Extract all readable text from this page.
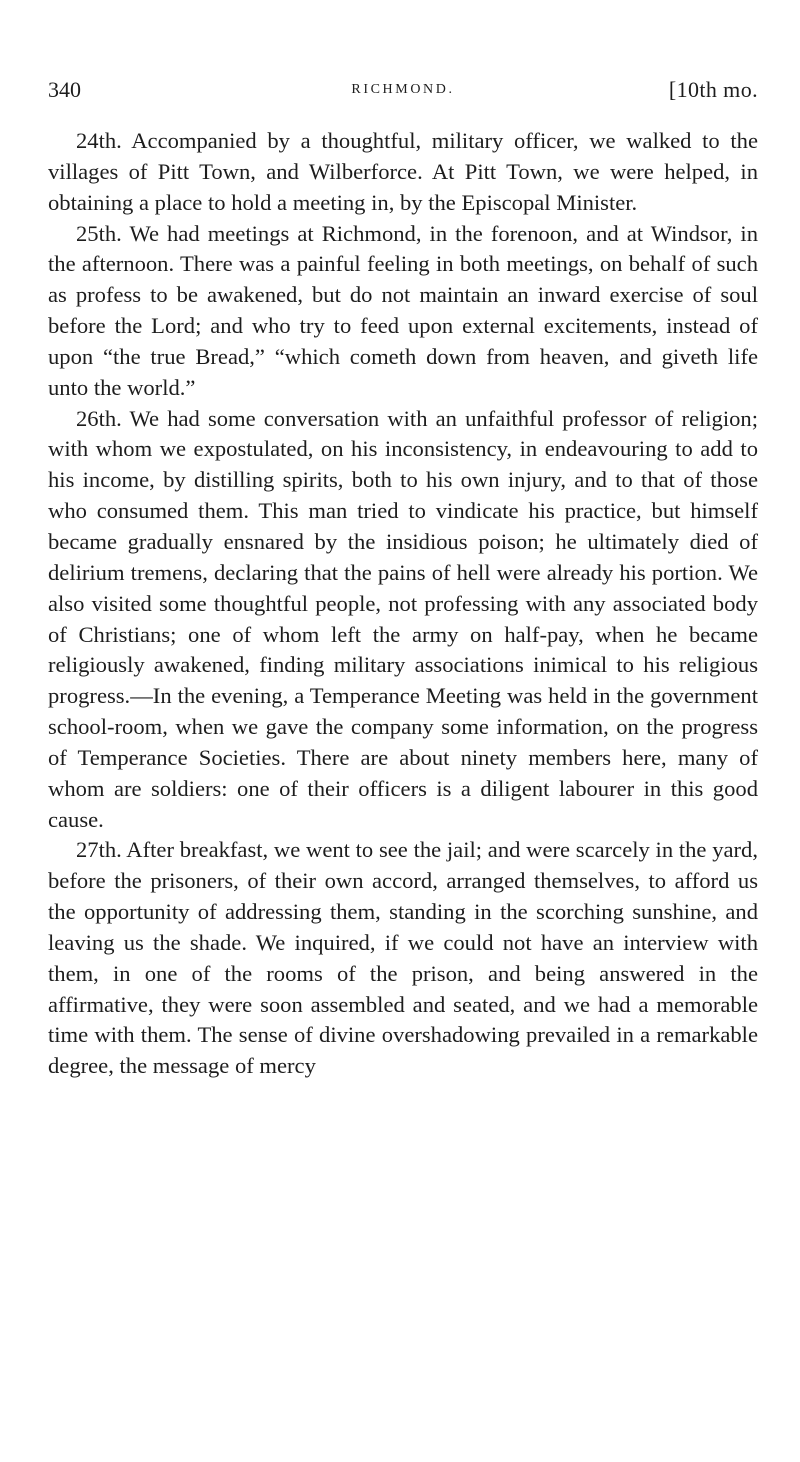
340	RICHMOND.	[10th mo.

24th. Accompanied by a thoughtful, military officer, we walked to the villages of Pitt Town, and Wilberforce. At Pitt Town, we were helped, in obtaining a place to hold a meeting in, by the Episcopal Minister.

25th. We had meetings at Richmond, in the forenoon, and at Windsor, in the afternoon. There was a painful feeling in both meetings, on behalf of such as profess to be awakened, but do not maintain an inward exercise of soul before the Lord; and who try to feed upon external excitements, instead of upon “the true Bread,” “which cometh down from heaven, and giveth life unto the world.”

26th. We had some conversation with an unfaithful professor of religion; with whom we expostulated, on his inconsistency, in endeavouring to add to his income, by distilling spirits, both to his own injury, and to that of those who consumed them. This man tried to vindicate his practice, but himself became gradually ensnared by the insidious poison; he ultimately died of delirium tremens, declaring that the pains of hell were already his portion. We also visited some thoughtful people, not professing with any associated body of Christians; one of whom left the army on half-pay, when he became religiously awakened, finding military associations inimical to his religious progress.—In the evening, a Temperance Meeting was held in the government school-room, when we gave the company some information, on the progress of Temperance Societies. There are about ninety members here, many of whom are soldiers: one of their officers is a diligent labourer in this good cause.

27th. After breakfast, we went to see the jail; and were scarcely in the yard, before the prisoners, of their own accord, arranged themselves, to afford us the opportunity of addressing them, standing in the scorching sunshine, and leaving us the shade. We inquired, if we could not have an interview with them, in one of the rooms of the prison, and being answered in the affirmative, they were soon assembled and seated, and we had a memorable time with them. The sense of divine overshadowing prevailed in a remarkable degree, the message of mercy
